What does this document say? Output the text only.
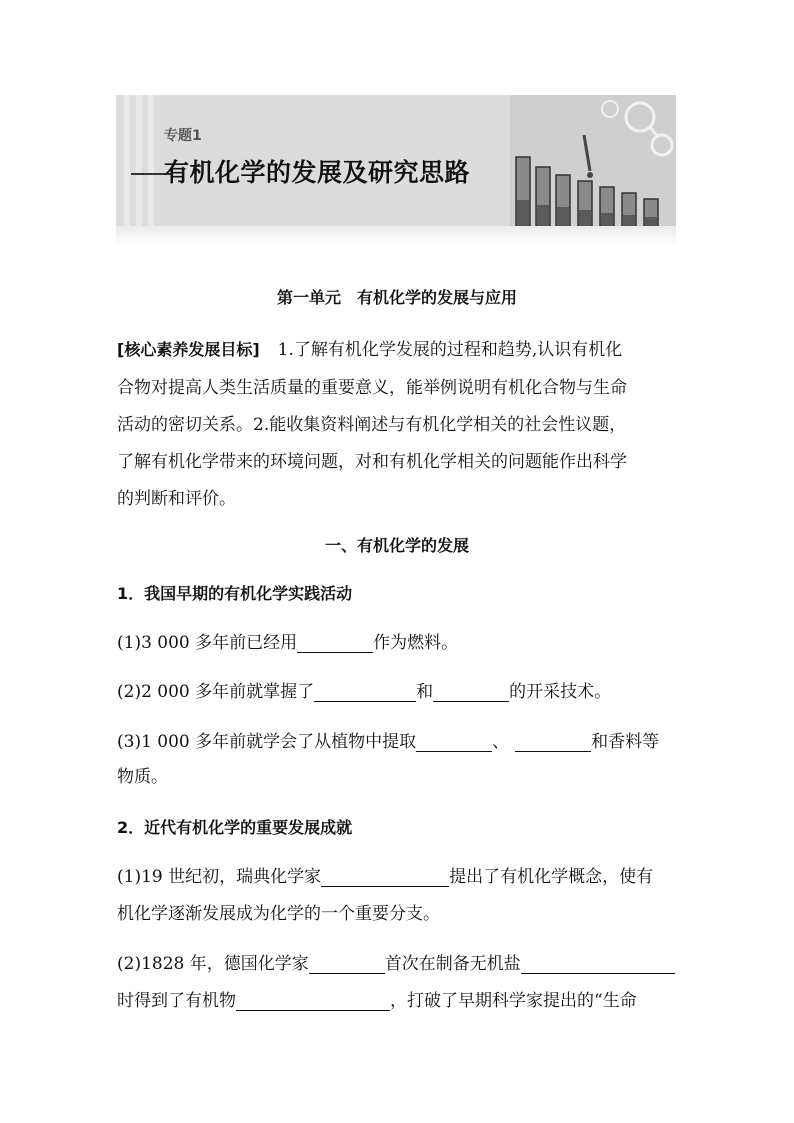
专题1
有机化学的发展及研究思路
第一单元　有机化学的发展与应用
[核心素养发展目标] 1.了解有机化学发展的过程和趋势,认识有机化
合物对提高人类生活质量的重要意义，能举例说明有机化合物与生命
活动的密切关系。2.能收集资料阐述与有机化学相关的社会性议题，
了解有机化学带来的环境问题，对和有机化学相关的问题能作出科学
的判断和评价。
一、有机化学的发展
1．我国早期的有机化学实践活动
(1)3 000 多年前已经用	作为燃料。
(2)2 000 多年前就掌握了	和	的开采技术。
(3)1 000 多年前就学会了从植物中提取	、	和香料等
物质。
2．近代有机化学的重要发展成就
(1)19 世纪初，瑞典化学家	提出了有机化学概念，使有
机化学逐渐发展成为化学的一个重要分支。
(2)1828 年，德国化学家	首次在制备无机盐
时得到了有机物	，打破了早期科学家提出的“生命
